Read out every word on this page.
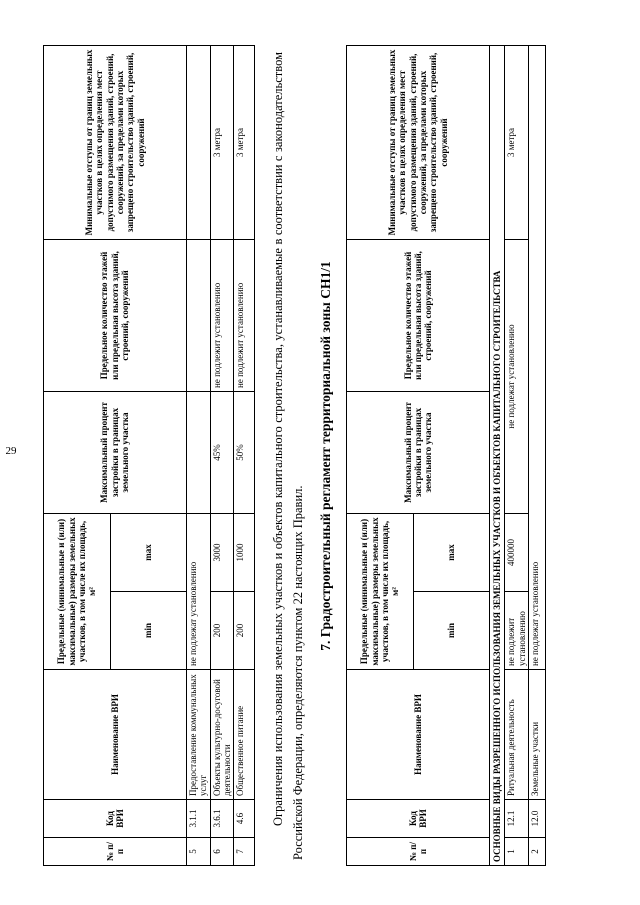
29
№ п/п	Код ВРИ	Наименование ВРИ	Предельные (минимальные и (или) максимальные) размеры земельных участков, в том числе их площадь, м²		Максимальный процент застройки в границах земельного участка	Предельное количество этажей или предельная высота зданий, строений, сооружений	Минимальные отступы от границ земельных участков в целях определения мест допустимого размещения зданий, строений, сооружений, за пределами которых запрещено строительство зданий, строений, сооружений
			min	max			
5	3.1.1	Предоставление коммунальных услуг	не подлежат установлению				
6	3.6.1	Объекты культурно-досуговой деятельности	200	3000	45%	не подлежит установлению	3 метра
7	4.6	Общественное питание	200	1000	50%	не подлежит установлению	3 метра Ограничения использования земельных участков и объектов капитального строительства, устанавливаемые в соответствии с законодательством Российской Федерации, определяются пунктом 22 настоящих Правил.

7. Градостроительный регламент территориальной зоны СН1/1
№ п/п	Код ВРИ	Наименование ВРИ	Предельные (минимальные и (или) максимальные) размеры земельных участков, в том числе их площадь, м²		Максимальный процент застройки в границах земельного участка	Предельное количество этажей или предельная высота зданий, строений, сооружений	Минимальные отступы от границ земельных участков в целях определения мест допустимого размещения зданий, строений, сооружений, за пределами которых запрещено строительство зданий, строений, сооружений
			min	max			
ОСНОВНЫЕ ВИДЫ РАЗРЕШЕННОГО ИСПОЛЬЗОВАНИЯ ЗЕМЕЛЬНЫХ УЧАСТКОВ И ОБЪЕКТОВ КАПИТАЛЬНОГО СТРОИТЕЛЬСТВА							
1	12.1	Ритуальная деятельность	не подлежит установлению	400000	не подлежат установлению		3 метра
2	12.0	Земельные участки	не подлежат установлению				
